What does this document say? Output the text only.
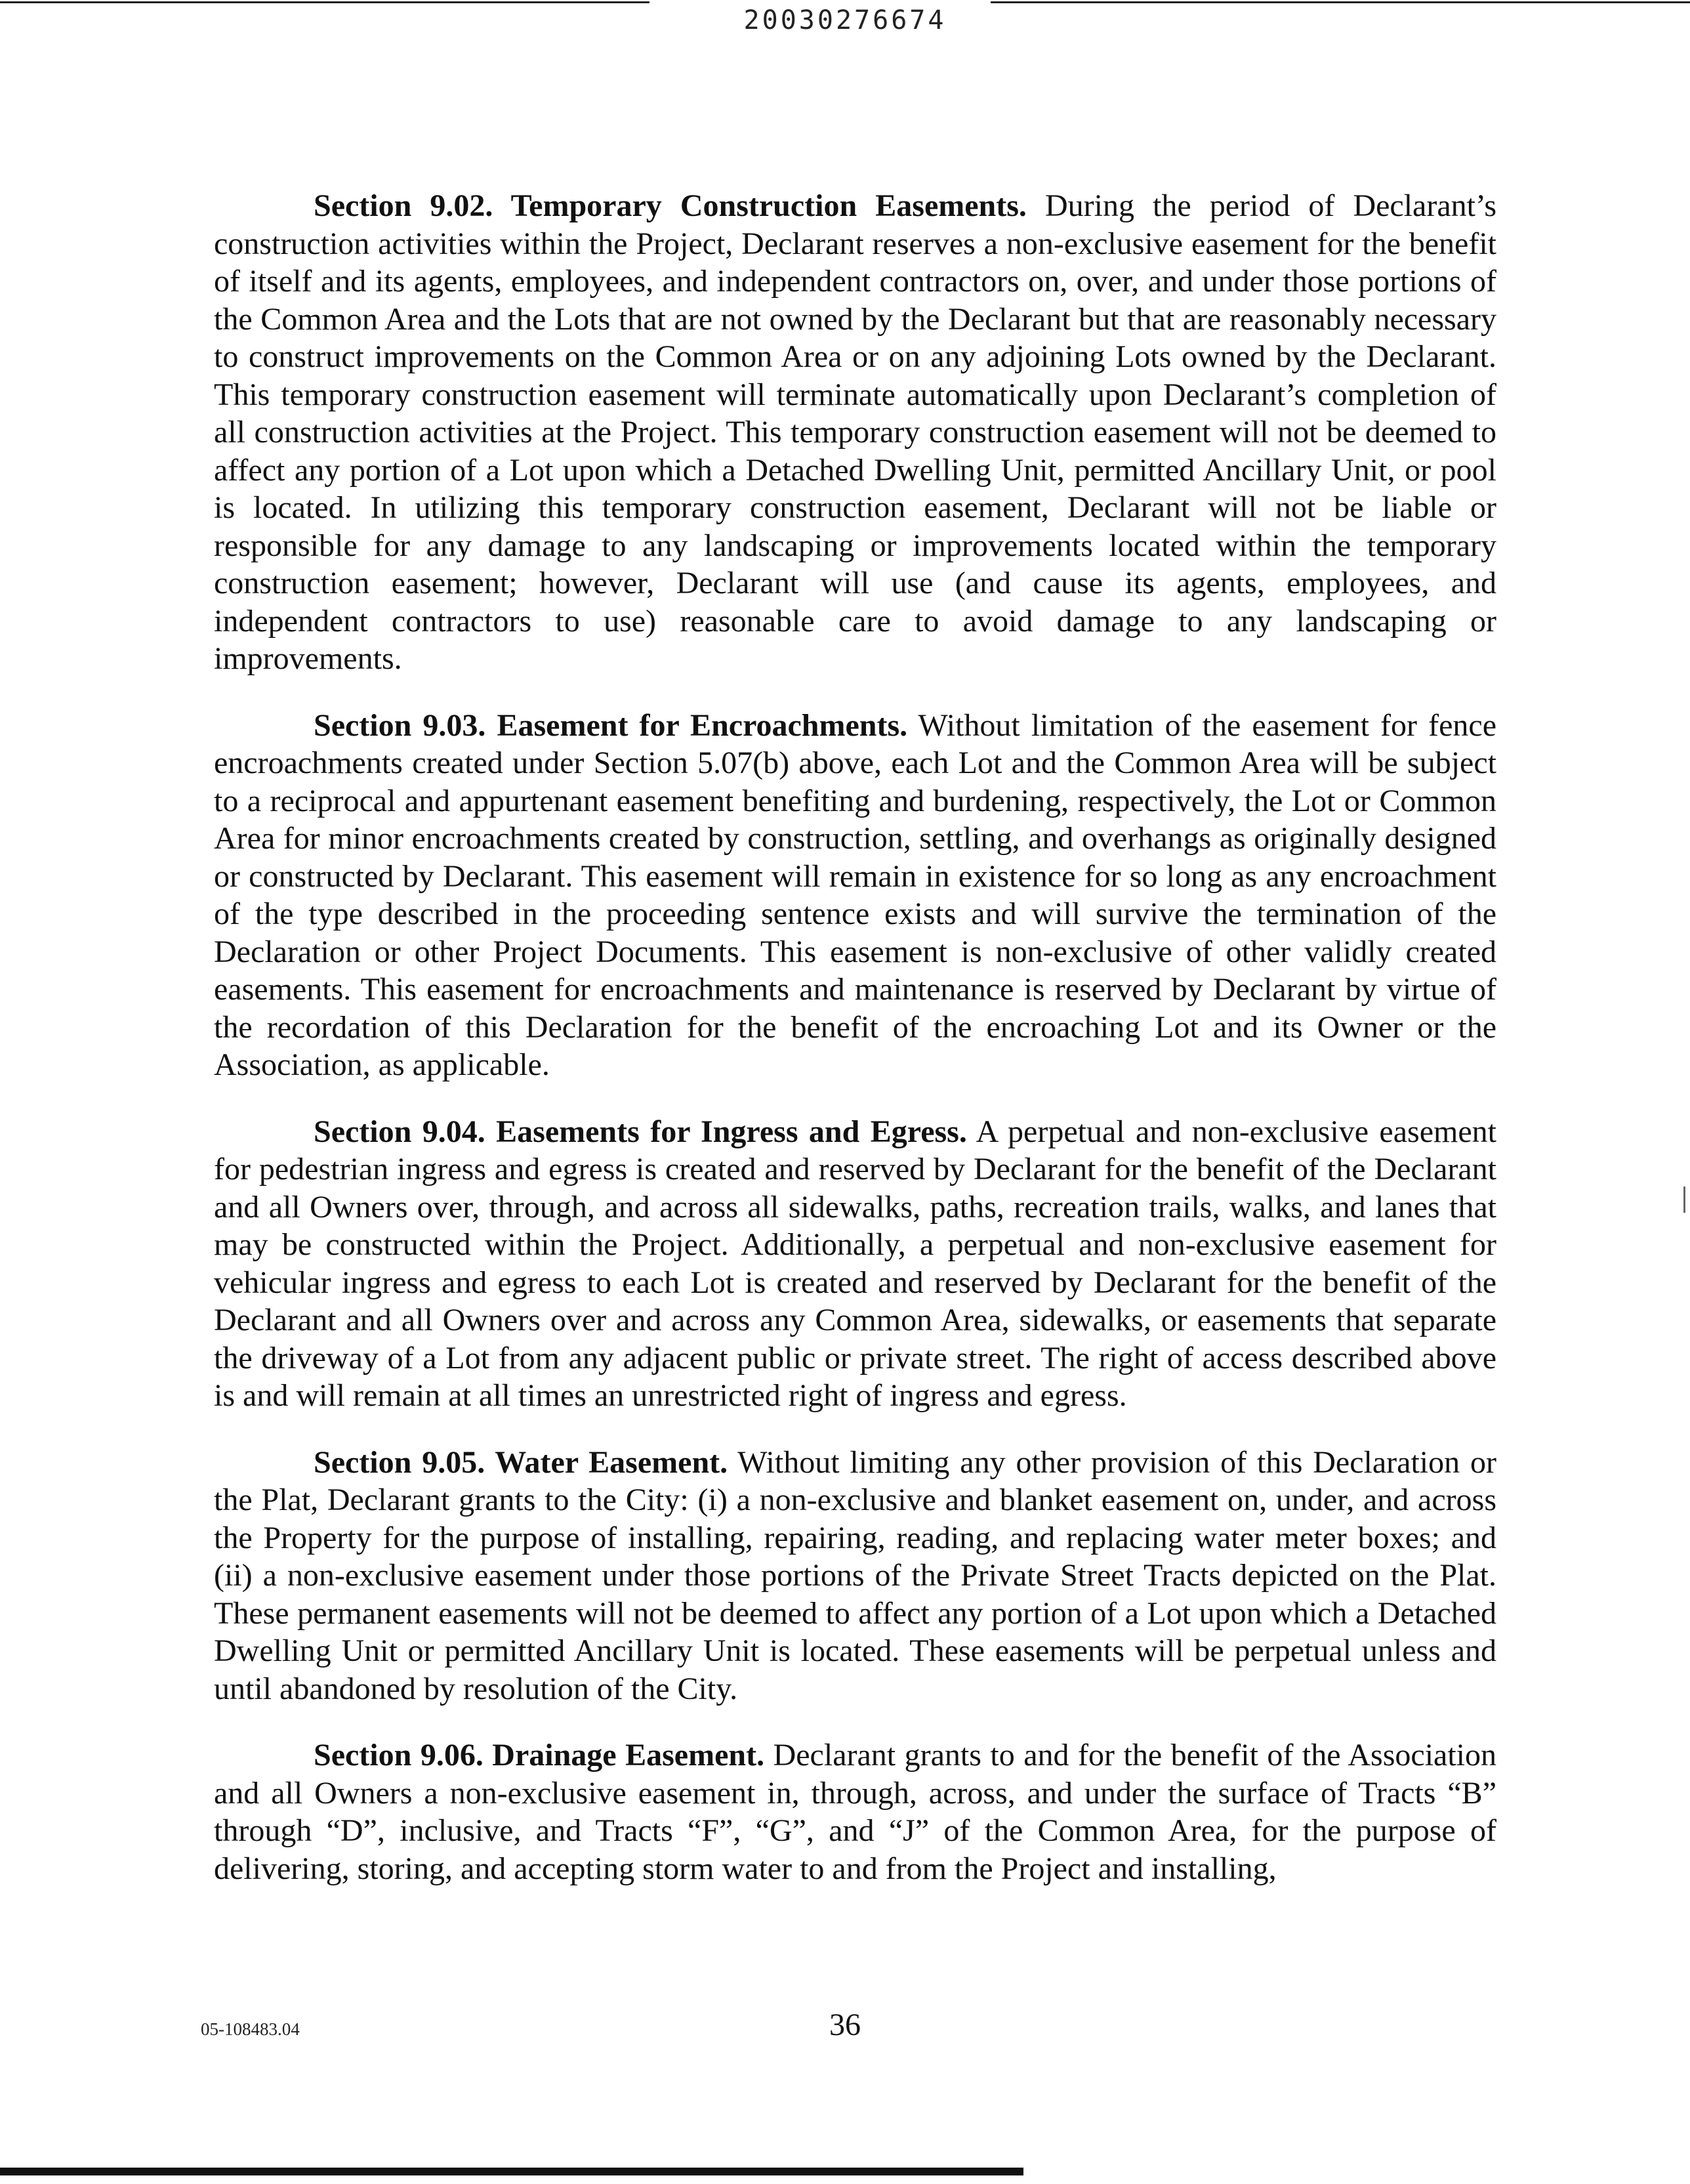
20030276674

Section 9.02. Temporary Construction Easements. During the period of Declarant’s construction activities within the Project, Declarant reserves a non-exclusive easement for the benefit of itself and its agents, employees, and independent contractors on, over, and under those portions of the Common Area and the Lots that are not owned by the Declarant but that are reasonably necessary to construct improvements on the Common Area or on any adjoining Lots owned by the Declarant. This temporary construction easement will terminate automatically upon Declarant’s completion of all construction activities at the Project. This temporary construction easement will not be deemed to affect any portion of a Lot upon which a Detached Dwelling Unit, permitted Ancillary Unit, or pool is located. In utilizing this temporary construction easement, Declarant will not be liable or responsible for any damage to any landscaping or improvements located within the temporary construction easement; however, Declarant will use (and cause its agents, employees, and independent contractors to use) reasonable care to avoid damage to any landscaping or improvements.

Section 9.03. Easement for Encroachments. Without limitation of the easement for fence encroachments created under Section 5.07(b) above, each Lot and the Common Area will be subject to a reciprocal and appurtenant easement benefiting and burdening, respectively, the Lot or Common Area for minor encroachments created by construction, settling, and overhangs as originally designed or constructed by Declarant. This easement will remain in existence for so long as any encroachment of the type described in the proceeding sentence exists and will survive the termination of the Declaration or other Project Documents. This easement is non-exclusive of other validly created easements. This easement for encroachments and maintenance is reserved by Declarant by virtue of the recordation of this Declaration for the benefit of the encroaching Lot and its Owner or the Association, as applicable.

Section 9.04. Easements for Ingress and Egress. A perpetual and non-exclusive easement for pedestrian ingress and egress is created and reserved by Declarant for the benefit of the Declarant and all Owners over, through, and across all sidewalks, paths, recreation trails, walks, and lanes that may be constructed within the Project. Additionally, a perpetual and non-exclusive easement for vehicular ingress and egress to each Lot is created and reserved by Declarant for the benefit of the Declarant and all Owners over and across any Common Area, sidewalks, or easements that separate the driveway of a Lot from any adjacent public or private street. The right of access described above is and will remain at all times an unrestricted right of ingress and egress.

Section 9.05. Water Easement. Without limiting any other provision of this Declaration or the Plat, Declarant grants to the City: (i) a non-exclusive and blanket easement on, under, and across the Property for the purpose of installing, repairing, reading, and replacing water meter boxes; and (ii) a non-exclusive easement under those portions of the Private Street Tracts depicted on the Plat. These permanent easements will not be deemed to affect any portion of a Lot upon which a Detached Dwelling Unit or permitted Ancillary Unit is located. These easements will be perpetual unless and until abandoned by resolution of the City.

Section 9.06. Drainage Easement. Declarant grants to and for the benefit of the Association and all Owners a non-exclusive easement in, through, across, and under the surface of Tracts “B” through “D”, inclusive, and Tracts “F”, “G”, and “J” of the Common Area, for the purpose of delivering, storing, and accepting storm water to and from the Project and installing,

05-108483.04	36
